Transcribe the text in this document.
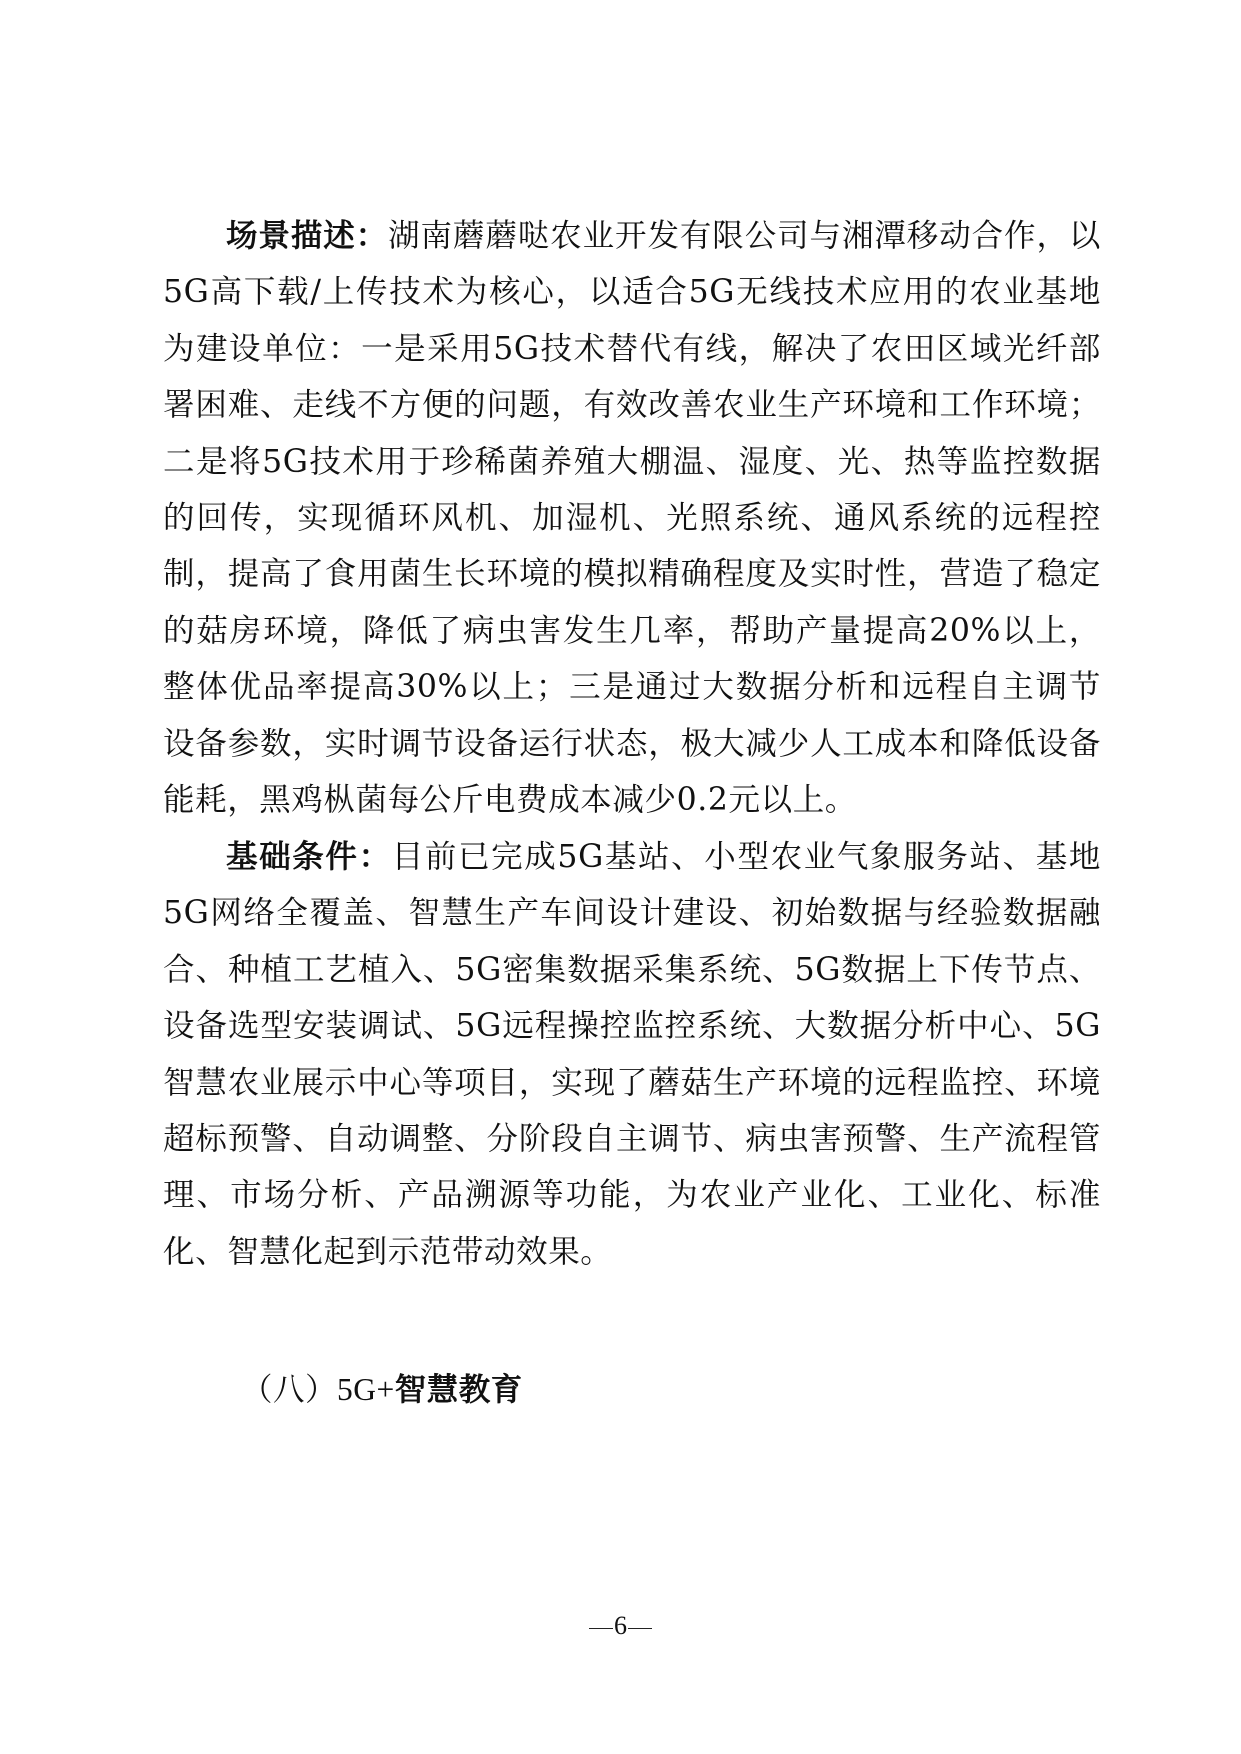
场景描述：湖南蘑蘑哒农业开发有限公司与湘潭移动合作，以5G高下载/上传技术为核心，以适合5G无线技术应用的农业基地为建设单位：一是采用5G技术替代有线，解决了农田区域光纤部署困难、走线不方便的问题，有效改善农业生产环境和工作环境；二是将5G技术用于珍稀菌养殖大棚温、湿度、光、热等监控数据的回传，实现循环风机、加湿机、光照系统、通风系统的远程控制，提高了食用菌生长环境的模拟精确程度及实时性，营造了稳定的菇房环境，降低了病虫害发生几率，帮助产量提高20%以上，整体优品率提高30%以上；三是通过大数据分析和远程自主调节设备参数，实时调节设备运行状态，极大减少人工成本和降低设备能耗，黑鸡枞菌每公斤电费成本减少0.2元以上。

基础条件：目前已完成5G基站、小型农业气象服务站、基地5G网络全覆盖、智慧生产车间设计建设、初始数据与经验数据融合、种植工艺植入、5G密集数据采集系统、5G数据上下传节点、设备选型安装调试、5G远程操控监控系统、大数据分析中心、5G智慧农业展示中心等项目，实现了蘑菇生产环境的远程监控、环境超标预警、自动调整、分阶段自主调节、病虫害预警、生产流程管理、市场分析、产品溯源等功能，为农业产业化、工业化、标准化、智慧化起到示范带动效果。

（八）5G+智慧教育
6
